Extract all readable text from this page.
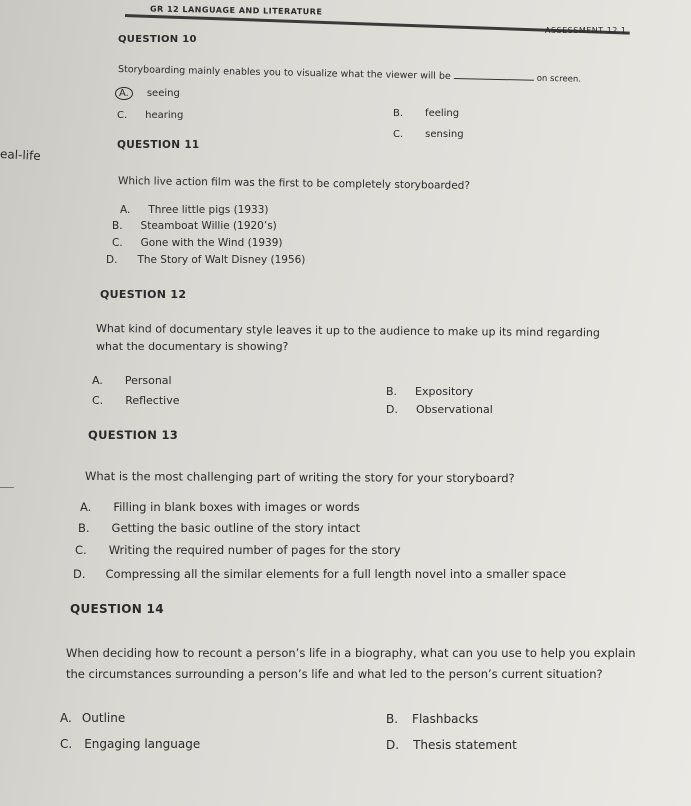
GR 12 LANGUAGE AND LITERATURE
ASSESSMENT 12.1
eal-life
QUESTION 10
Storyboarding mainly enables you to visualize what the viewer will be	on screen.
A. seeing
B. feeling
C. hearing
C. sensing
QUESTION 11
Which live action film was the first to be completely storyboarded?
A. Three little pigs (1933)
B. Steamboat Willie (1920’s)
C. Gone with the Wind (1939)
D. The Story of Walt Disney (1956)
QUESTION 12
What kind of documentary style leaves it up to the audience to make up its mind regarding
what the documentary is showing?
A. Personal
B. Expository
C. Reflective
D. Observational
QUESTION 13
What is the most challenging part of writing the story for your storyboard?
A. Filling in blank boxes with images or words
B. Getting the basic outline of the story intact
C. Writing the required number of pages for the story
D. Compressing all the similar elements for a full length novel into a smaller space
QUESTION 14
When deciding how to recount a person’s life in a biography, what can you use to help you explain
the circumstances surrounding a person’s life and what led to the person’s current situation?
A. Outline	B. Flashbacks
C. Engaging language	D. Thesis statement
